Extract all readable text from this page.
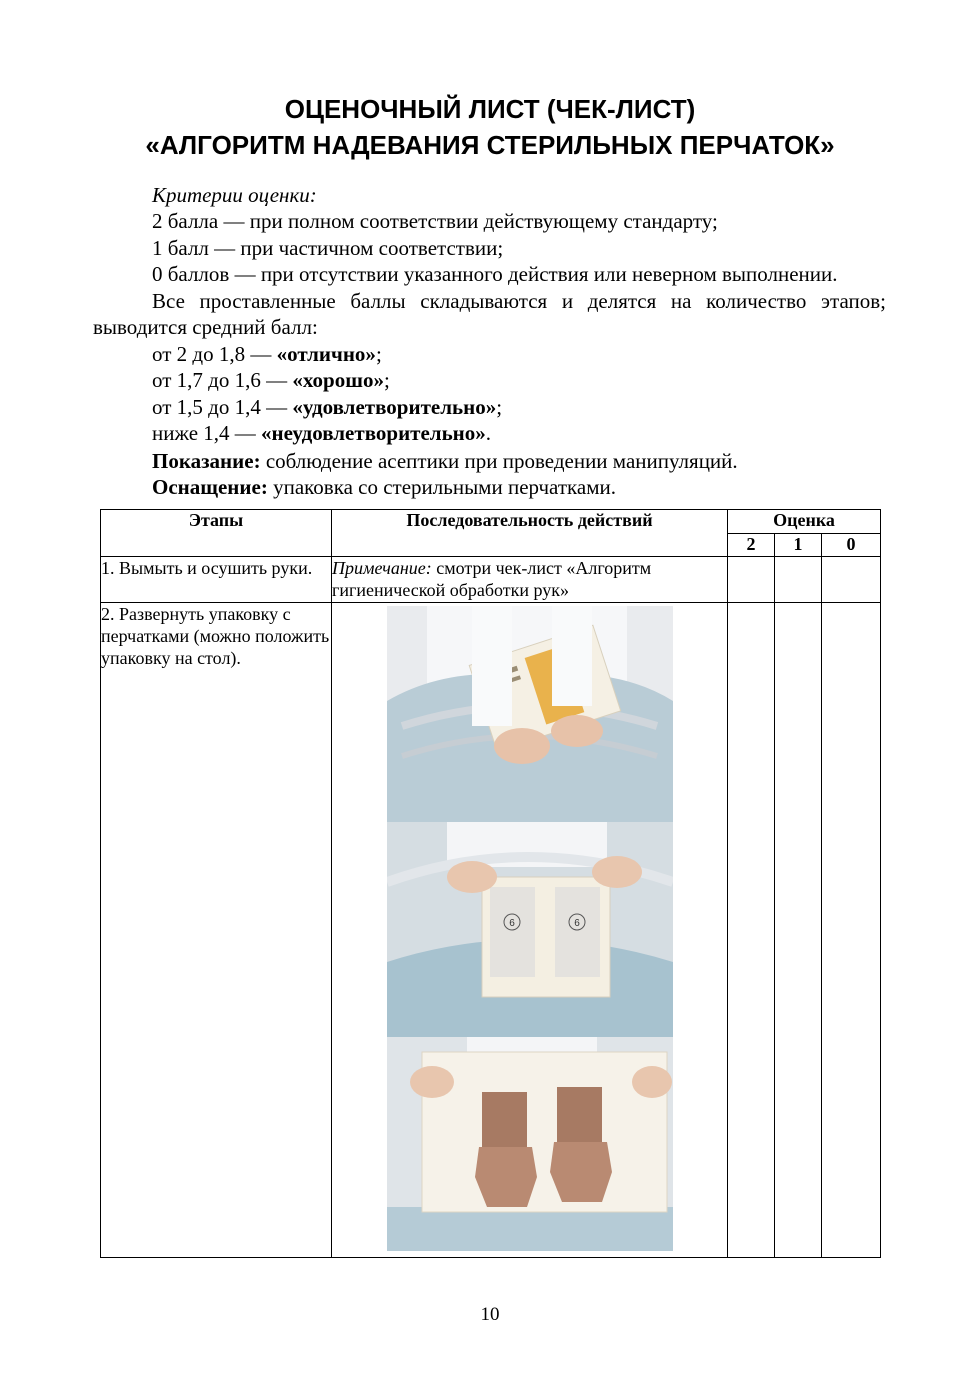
ОЦЕНОЧНЫЙ ЛИСТ (ЧЕК-ЛИСТ)
«АЛГОРИТМ НАДЕВАНИЯ СТЕРИЛЬНЫХ ПЕРЧАТОК»
Критерии оценки:
2 балла — при полном соответствии действующему стандарту;
1 балл — при частичном соответствии;
0 баллов — при отсутствии указанного действия или неверном выполнении.
Все проставленные баллы складываются и делятся на количество этапов; выводится средний балл:
от 2 до 1,8 — «отлично»;
от 1,7 до 1,6 — «хорошо»;
от 1,5 до 1,4 — «удовлетворительно»;
ниже 1,4 — «неудовлетворительно».
Показание: соблюдение асептики при проведении манипуляций.
Оснащение: упаковка со стерильными перчатками.
Этапы	Последовательность действий	Оценка		
		2	1	0
1. Вымыть и осушить руки.	Примечание: смотри чек-лист «Алгоритм гигиенической обработки рук»			
2. Развернуть упаковку с перчатками (можно положить упаковку на стол).	6 6			

10
